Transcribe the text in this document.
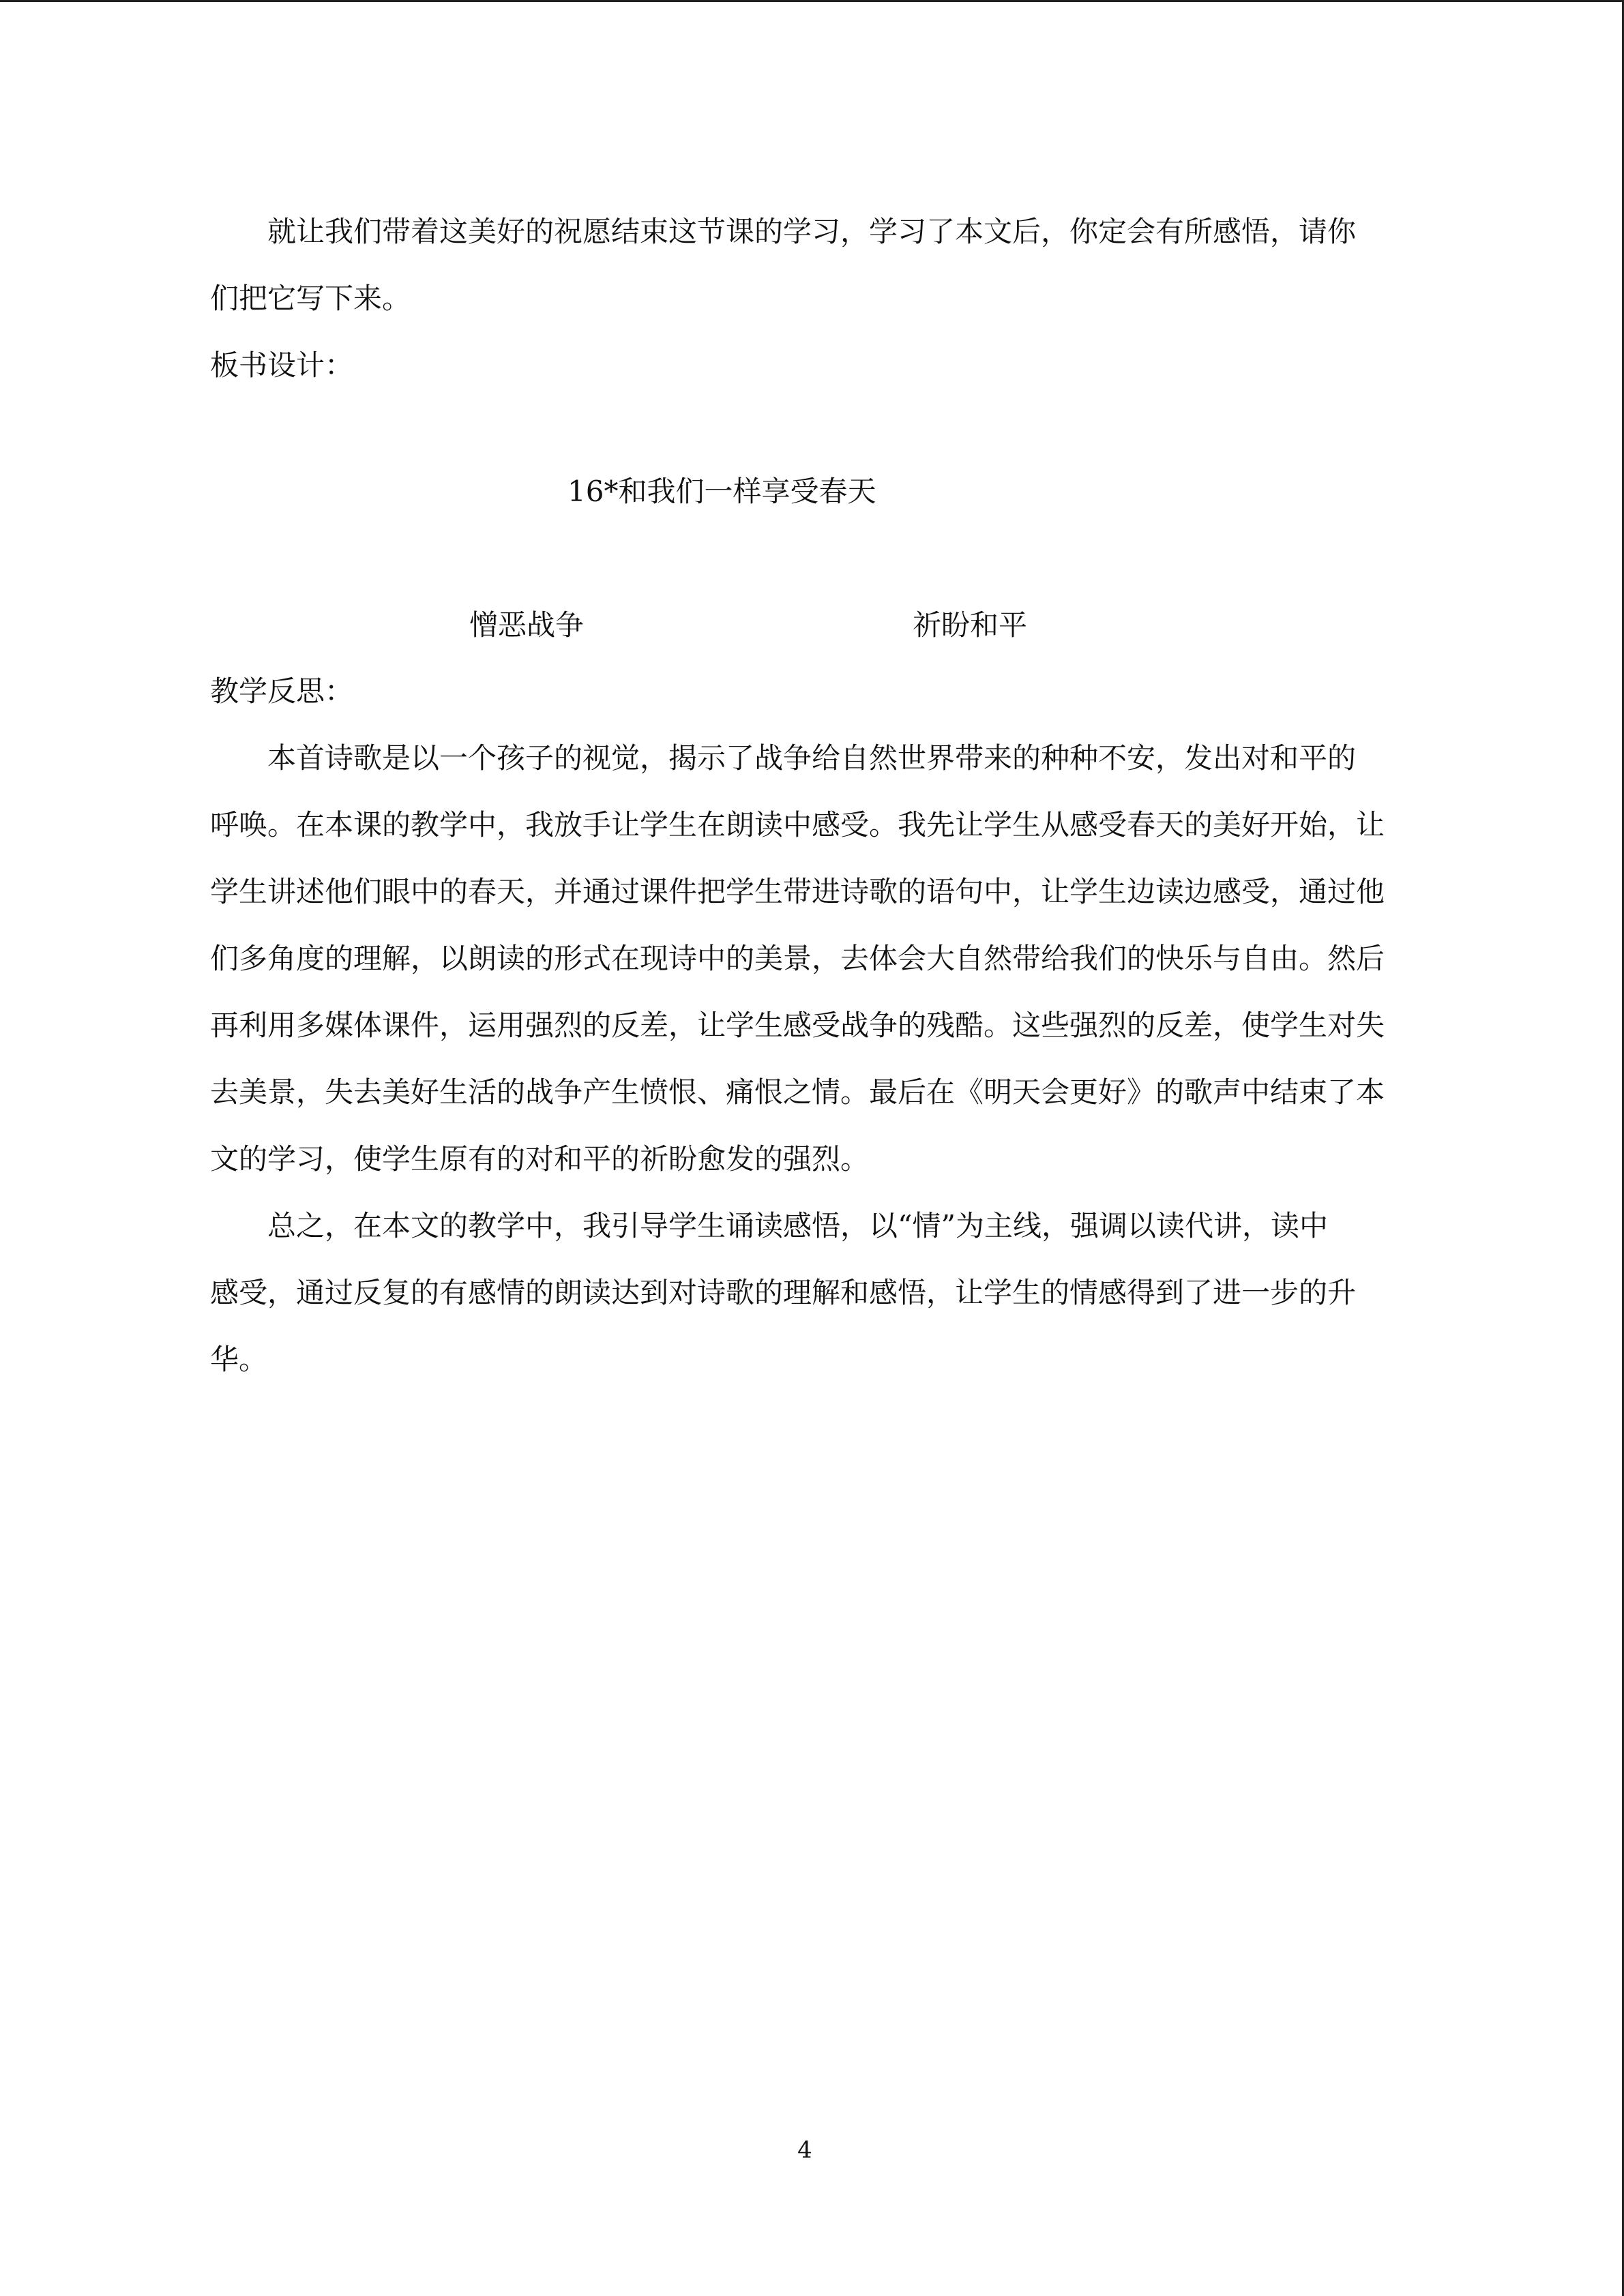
就让我们带着这美好的祝愿结束这节课的学习，学习了本文后，你定会有所感悟，请你
们把它写下来。
板书设计：
16*和我们一样享受春天
憎恶战争	祈盼和平
教学反思：
本首诗歌是以一个孩子的视觉，揭示了战争给自然世界带来的种种不安，发出对和平的
呼唤。在本课的教学中，我放手让学生在朗读中感受。我先让学生从感受春天的美好开始，让
学生讲述他们眼中的春天，并通过课件把学生带进诗歌的语句中，让学生边读边感受，通过他
们多角度的理解，以朗读的形式在现诗中的美景，去体会大自然带给我们的快乐与自由。然后
再利用多媒体课件，运用强烈的反差，让学生感受战争的残酷。这些强烈的反差，使学生对失
去美景，失去美好生活的战争产生愤恨、痛恨之情。最后在《明天会更好》的歌声中结束了本
文的学习，使学生原有的对和平的祈盼愈发的强烈。
总之，在本文的教学中，我引导学生诵读感悟，以“情”为主线，强调以读代讲，读中
感受，通过反复的有感情的朗读达到对诗歌的理解和感悟，让学生的情感得到了进一步的升
华。
4
